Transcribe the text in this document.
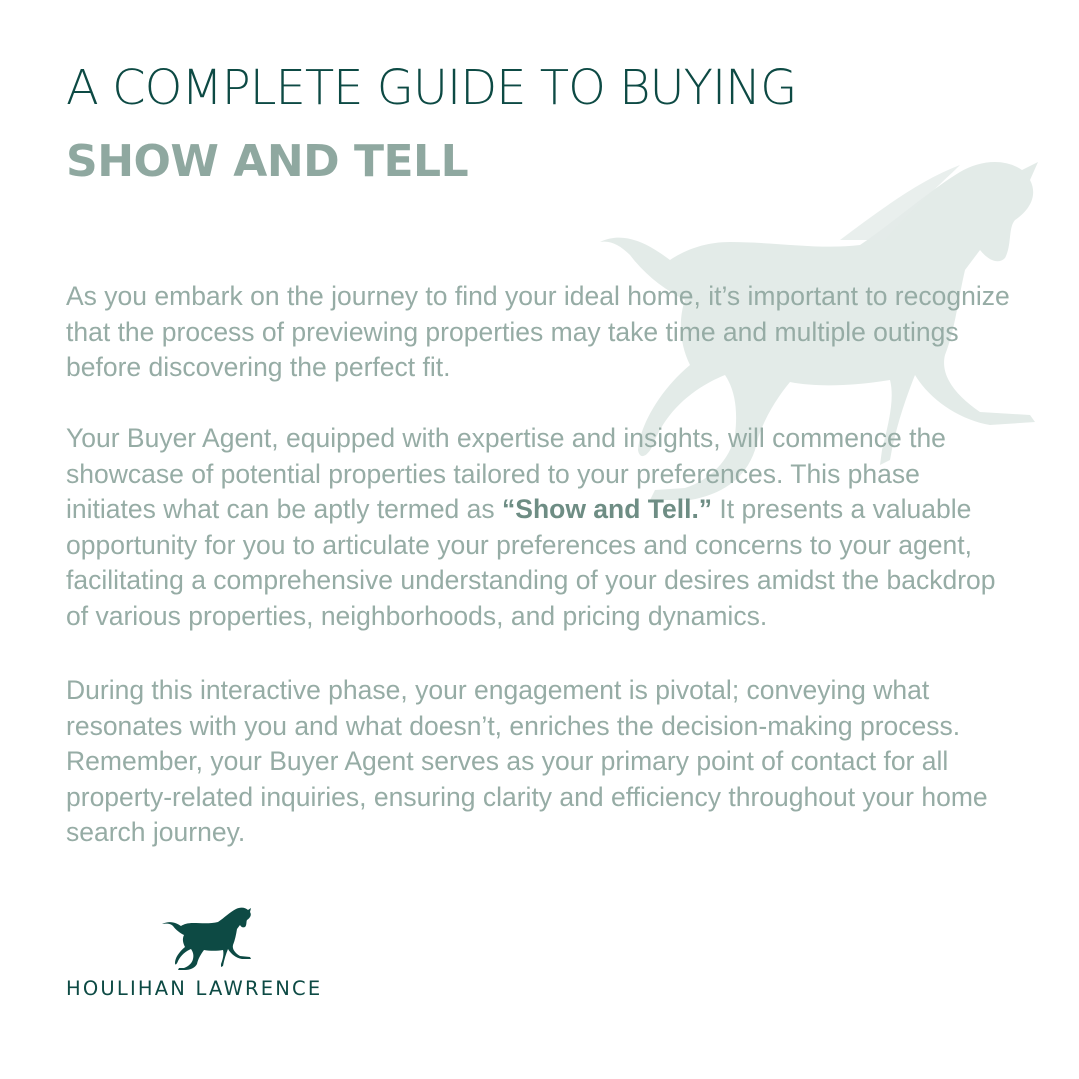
A COMPLETE GUIDE TO BUYING
SHOW AND TELL

As you embark on the journey to find your ideal home, it’s important to recognize that the process of previewing properties may take time and multiple outings before discovering the perfect fit.

Your Buyer Agent, equipped with expertise and insights, will commence the showcase of potential properties tailored to your preferences. This phase initiates what can be aptly termed as “Show and Tell.” It presents a valuable opportunity for you to articulate your preferences and concerns to your agent, facilitating a comprehensive understanding of your desires amidst the backdrop of various properties, neighborhoods, and pricing dynamics.

During this interactive phase, your engagement is pivotal; conveying what resonates with you and what doesn’t, enriches the decision-making process. Remember, your Buyer Agent serves as your primary point of contact for all property-related inquiries, ensuring clarity and efficiency throughout your home search journey.

HOULIHAN LAWRENCE
